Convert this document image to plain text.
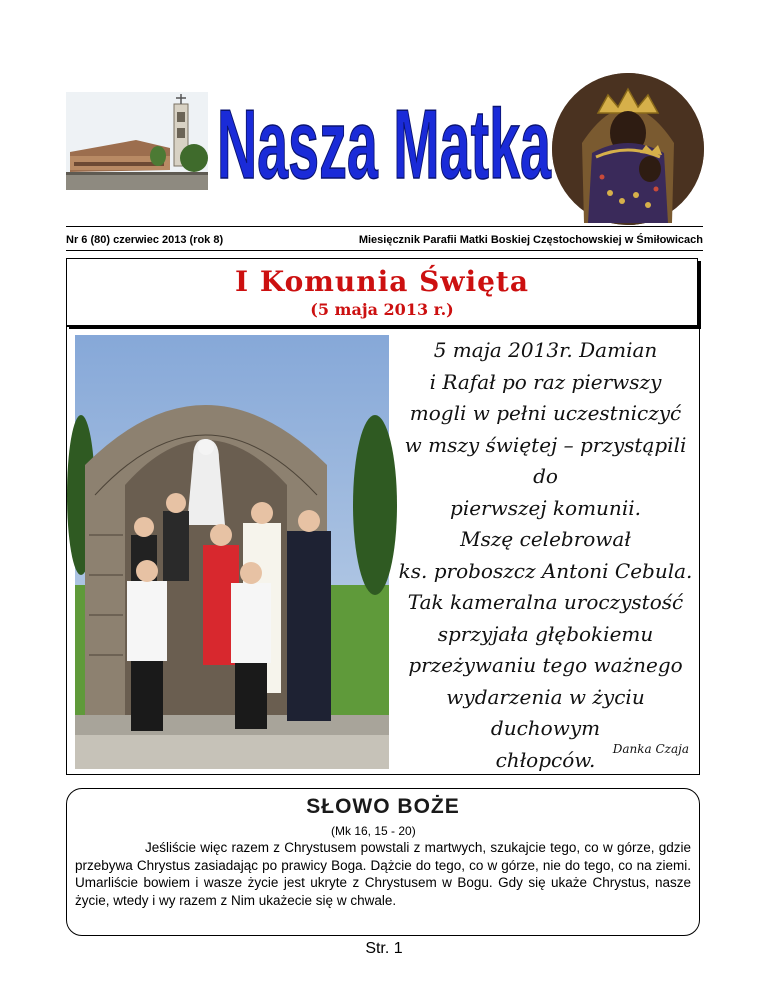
Nasza Matka
Nr 6 (80) czerwiec 2013 (rok 8)	Miesięcznik Parafii Matki Boskiej Częstochowskiej w Śmiłowicach
I Komunia Święta
(5 maja 2013 r.)
5 maja 2013r. Damian
i Rafał po raz pierwszy
mogli w pełni uczestniczyć
w mszy świętej – przystąpili do
pierwszej komunii.
Mszę celebrował
ks. proboszcz Antoni Cebula.
Tak kameralna uroczystość
sprzyjała głębokiemu
przeżywaniu tego ważnego
wydarzenia w życiu duchowym
chłopców.	Danka Czaja
SŁOWO BOŻE
(Mk 16, 15 - 20)

Jeśliście więc razem z Chrystusem powstali z martwych, szukajcie tego, co w górze, gdzie przebywa Chrystus zasiadając po prawicy Boga. Dążcie do tego, co w górze, nie do tego, co na ziemi. Umarliście bowiem i wasze życie jest ukryte z Chrystusem w Bogu. Gdy się ukaże Chrystus, nasze życie, wtedy i wy razem z Nim ukażecie się w chwale.

Str. 1
